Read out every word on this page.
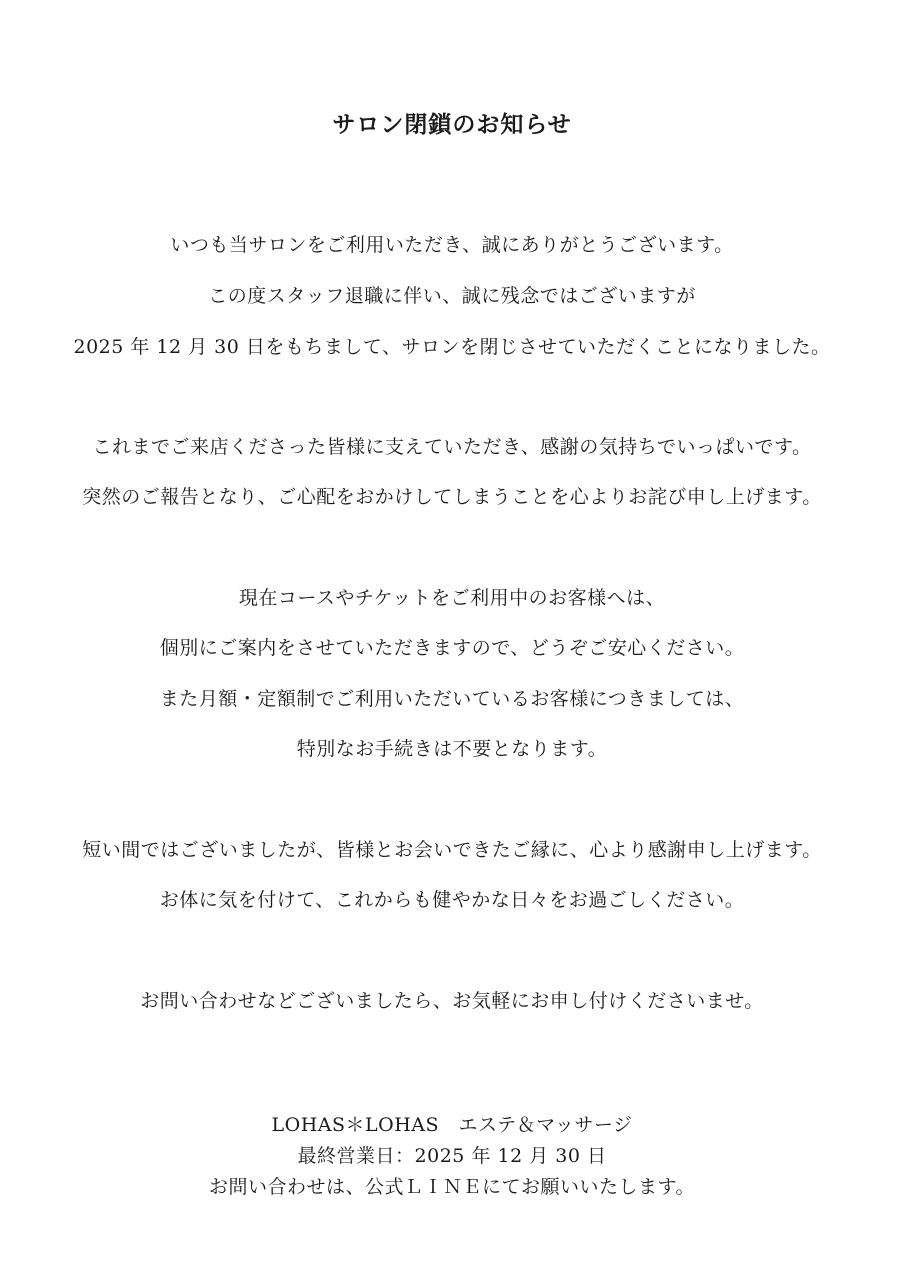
サロン閉鎖のお知らせ
いつも当サロンをご利用いただき、誠にありがとうございます。
この度スタッフ退職に伴い、誠に残念ではございますが
2025 年 12 月 30 日をもちまして、サロンを閉じさせていただくことになりました。
これまでご来店くださった皆様に支えていただき、感謝の気持ちでいっぱいです。
突然のご報告となり、ご心配をおかけしてしまうことを心よりお詫び申し上げます。
現在コースやチケットをご利用中のお客様へは、
個別にご案内をさせていただきますので、どうぞご安心ください。
また月額・定額制でご利用いただいているお客様につきましては、
特別なお手続きは不要となります。
短い間ではございましたが、皆様とお会いできたご縁に、心より感謝申し上げます。
お体に気を付けて、これからも健やかな日々をお過ごしください。
お問い合わせなどございましたら、お気軽にお申し付けくださいませ。
LOHAS＊LOHAS　エステ＆マッサージ
最終営業日：2025 年 12 月 30 日
お問い合わせは、公式ＬＩＮＥにてお願いいたします。
